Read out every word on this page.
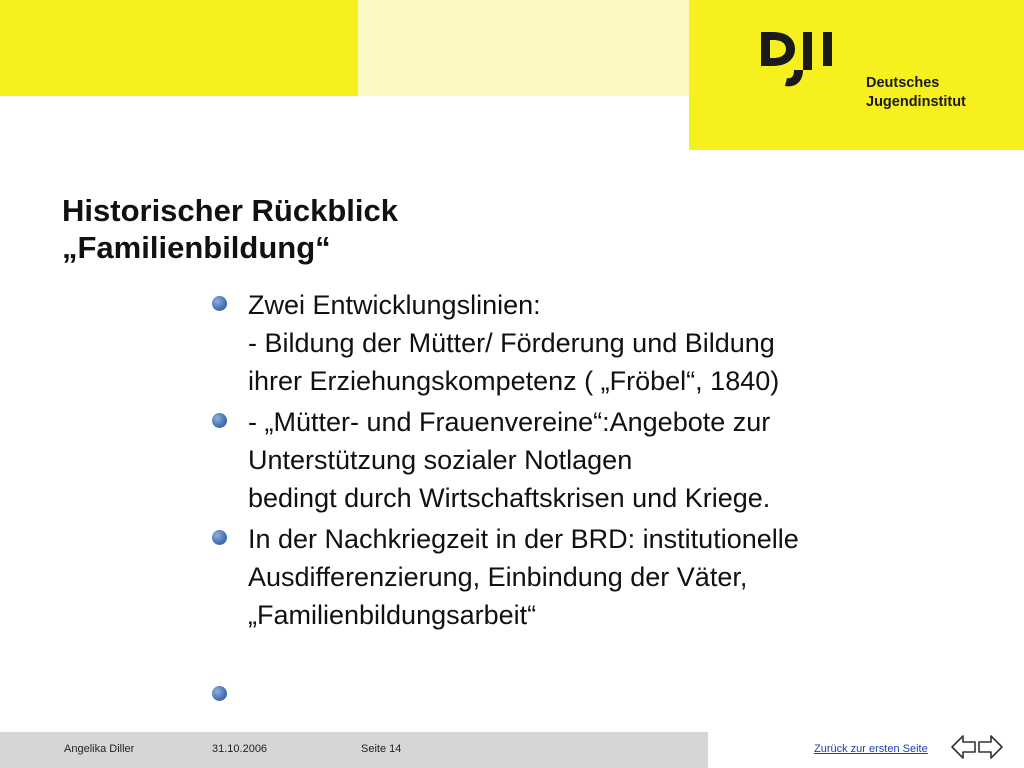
Deutsches
Jugendinstitut
Historischer Rückblick
„Familienbildung“
Zwei Entwicklungslinien:
- Bildung der Mütter/ Förderung und Bildung
ihrer Erziehungskompetenz ( „Fröbel“, 1840)
- „Mütter- und Frauenvereine“:Angebote zur
Unterstützung sozialer Notlagen
bedingt durch Wirtschaftskrisen und Kriege.
In der Nachkriegzeit in der BRD: institutionelle
Ausdifferenzierung, Einbindung der Väter,
„Familienbildungsarbeit“
Angelika Diller	31.10.2006	Seite 14	Zurück zur ersten Seite
